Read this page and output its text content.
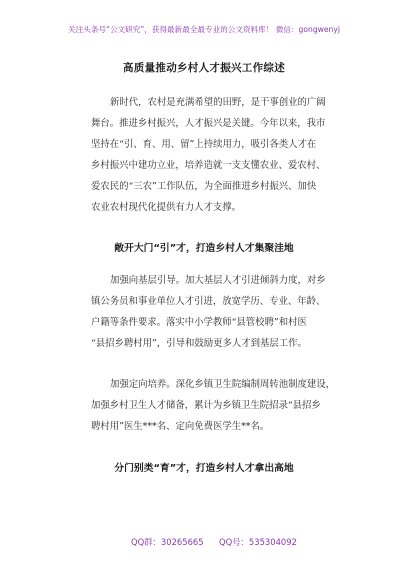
关注头条号“公文研究”，获得最新最全最专业的公文资料库！ 微信：gongwenyj
高质量推动乡村人才振兴工作综述
新时代，农村是充满希望的田野，是干事创业的广阔
舞台。推进乡村振兴，人才振兴是关键。今年以来，我市
坚持在“引、育、用、留”上持续用力，吸引各类人才在
乡村振兴中建功立业，培养造就一支支懂农业、爱农村、
爱农民的“三农”工作队伍，为全面推进乡村振兴、加快
农业农村现代化提供有力人才支撑。
敞开大门“引”才，打造乡村人才集聚洼地
加强向基层引导。加大基层人才引进倾斜力度，对乡
镇公务员和事业单位人才引进，放宽学历、专业、年龄、
户籍等条件要求。落实中小学教师“县管校聘”和村医
“县招乡聘村用”，引导和鼓励更多人才到基层工作。
加强定向培养。深化乡镇卫生院编制周转池制度建设，
加强乡村卫生人才储备，累计为乡镇卫生院招录“县招乡
聘村用”医生***名、定向免费医学生**名。
分门别类“育”才，打造乡村人才拿出高地
QQ群：30265665 QQ号：535304092
